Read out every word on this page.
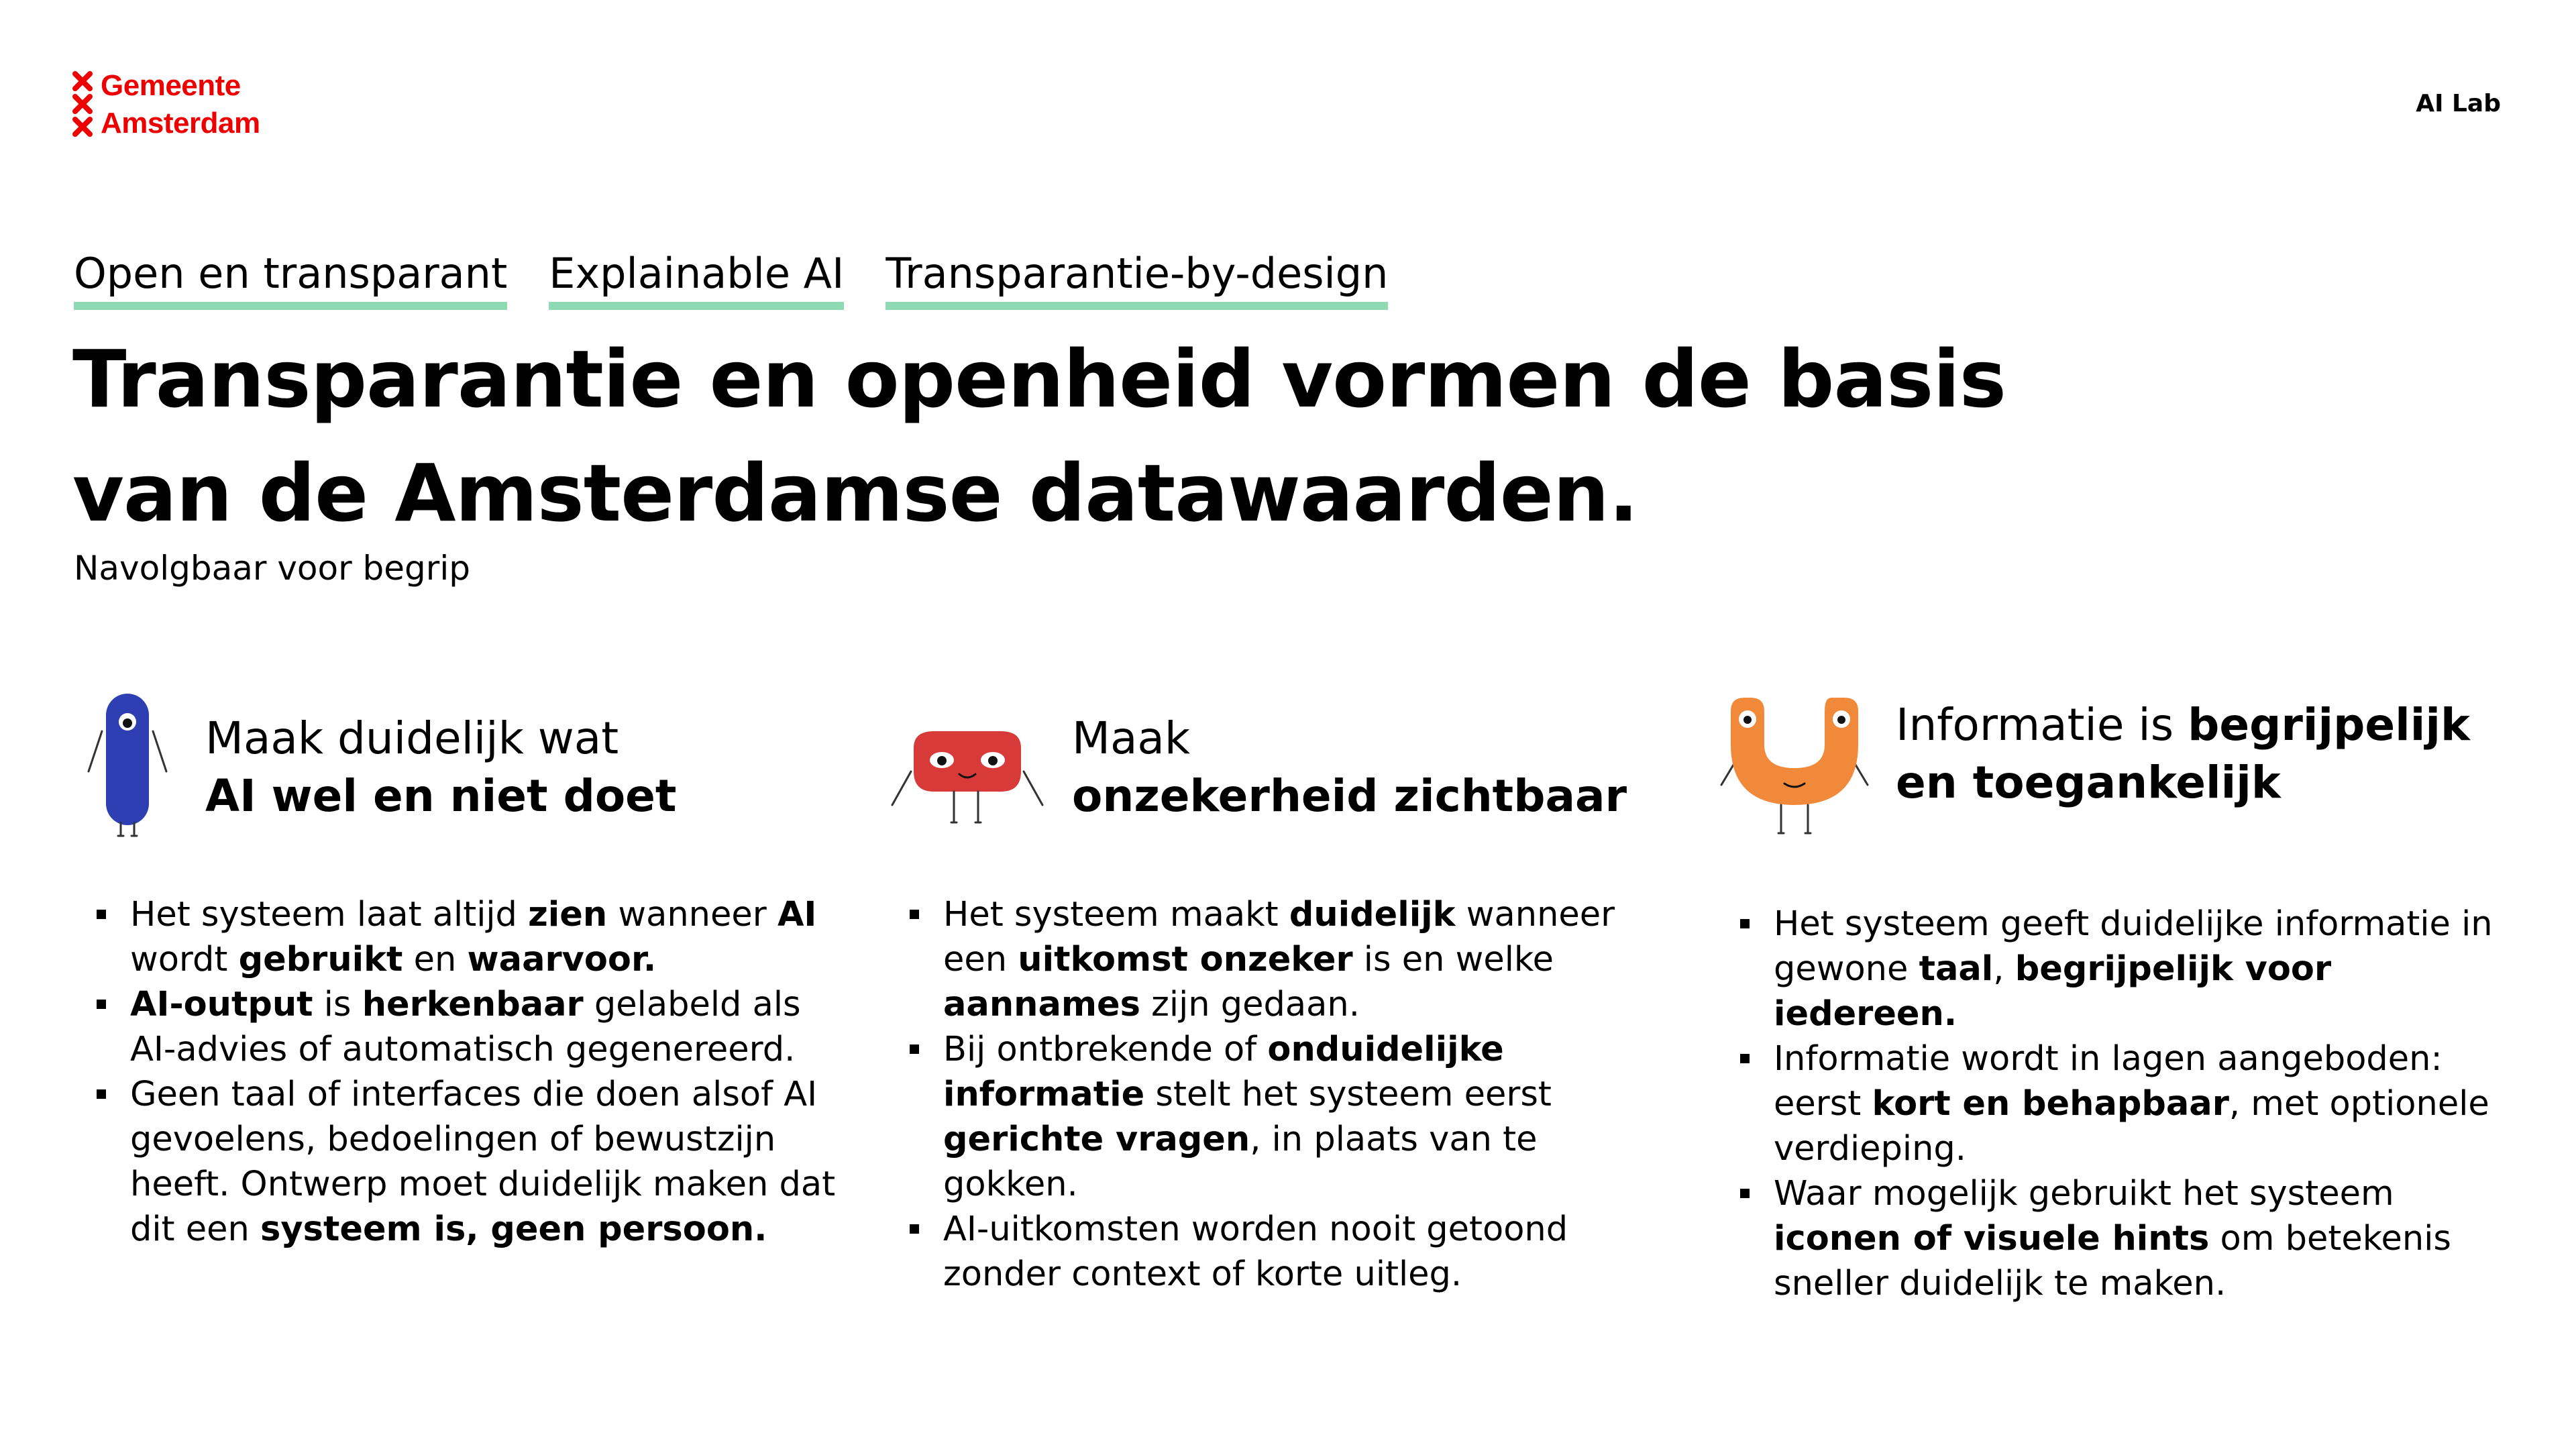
Gemeente
Amsterdam
AI Lab
Open en transparant Explainable AI Transparantie-by-design
Transparantie en openheid vormen de basis
van de Amsterdamse datawaarden.
Navolgbaar voor begrip
Maak duidelijk wat
AI wel en niet doet
Het systeem laat altijd zien wanneer AI wordt gebruikt en waarvoor.
AI-output is herkenbaar gelabeld als AI-advies of automatisch gegenereerd.
Geen taal of interfaces die doen alsof AI gevoelens, bedoelingen of bewustzijn heeft. Ontwerp moet duidelijk maken dat dit een systeem is, geen persoon.
Maak
onzekerheid zichtbaar
Het systeem maakt duidelijk wanneer een uitkomst onzeker is en welke aannames zijn gedaan.
Bij ontbrekende of onduidelijke informatie stelt het systeem eerst gerichte vragen, in plaats van te gokken.
AI-uitkomsten worden nooit getoond zonder context of korte uitleg.
Informatie is begrijpelijk
en toegankelijk
Het systeem geeft duidelijke informatie in gewone taal, begrijpelijk voor iedereen.
Informatie wordt in lagen aangeboden: eerst kort en behapbaar, met optionele verdieping.
Waar mogelijk gebruikt het systeem iconen of visuele hints om betekenis sneller duidelijk te maken.
